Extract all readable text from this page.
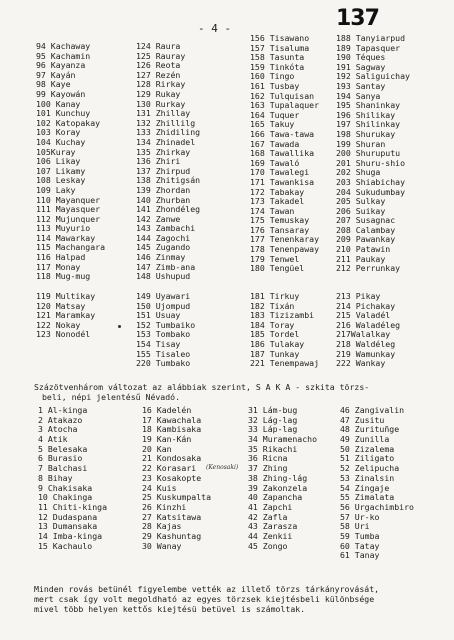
- 4 -	137
94 Kachaway
95 Kachamin
96 Kayanza
97 Kayán
98 Kaye
99 Kayowán
100 Kanay
101 Kunchuy
102 Katopakay
103 Koray
104 Kuchay
105Kuray
106 Likay
107 Likamy
108 Leskay
109 Laky
110 Mayanquer
111 Mayasquer
112 Mujunquer
113 Muyurio
114 Mawarkay
115 Machangara
116 Halpad
117 Monay
118 Mug-mug
119 Multikay
120 Matsay
121 Maramkay
122 Nokay
123 Nonodél
124 Raura
125 Rauray
126 Reota
127 Rezén
128 Rirkay
129 Rukay
130 Rurkay
131 Zhillay
132 Zhillilg
133 Zhidiling
134 Zhinadel
135 Zhirkay
136 Zhiri
137 Zhirpud
138 Zhitigsán
139 Zhordan
140 Zhurban
141 Zhondéleg
142 Zanwe
143 Zambachi
144 Zagochi
145 Zugando
146 Zinmay
147 Zimb-ana
148 Ushupud
149 Uyawari
150 Ujompud
151 Usuay
152 Tumbaiko
153 Tombako
154 Tisay
155 Tisaleo
220 Tumbako
156 Tisawano
157 Tisaluma
158 Tasunta
159 Tinkóta
160 Tingo
161 Tusbay
162 Tulquisan
163 Tupalaquer
164 Tuquer
165 Takuy
166 Tawa-tawa
167 Tawada
168 Tawallika
169 Tawaló
170 Tawalegi
171 Tawankisa
172 Tabakay
173 Takadel
174 Tawan
175 Temuskay
176 Tansaray
177 Tenenkaray
178 Tenenpaway
179 Tenwel
180 Tengüel
181 Tirkuy
182 Tixán
183 Tizizambi
184 Toray
185 Tordel
186 Tulakay
187 Tunkay
221 Tenempawaj
188 Tanyiarpud
189 Tapasquer
190 Téques
191 Sagway
192 Saliguichay
193 Santay
194 Sanya
195 Shaninkay
196 Shilikay
197 Shilinkay
198 Shurukay
199 Shuran
200 Shuruputu
201 Shuru-shio
202 Shuga
203 Shiabichay
204 Sukudumbay
205 Sulkay
206 Suikay
207 Susagnac
208 Calambay
209 Pawankay
210 Patawin
211 Paukay
212 Perrunkay
213 Pikay
214 Pichakay
215 Valadél
216 Waladéleg
217Walalkay
218 Waldéleg
219 Wamunkay
222 Wankay
Százötvenhárom változat az alábbiak szerint, S A K A - szkita törzs-
beli, népi jelentésű Névadó.
1 Al-kinga
2 Atakazo
3 Atocha
4 Atik
5 Belesaka
6 Burasio
7 Balchasi
8 Bihay
9 Chakisaka
10 Chakinga
11 Chiti-kinga
12 Dudaspana
13 Dumansaka
14 Imba-kinga
15 Kachaulo
16 Kadelén
17 Kawachala
18 Kambisaka
19 Kan-Kán
20 Kan
21 Kondosaka
22 Korasari (Kenosaki)
23 Kosakopte
24 Kuis
25 Kuskumpalta
26 Kinzhi
27 Katsitawa
28 Kajas
29 Kashuntag
30 Wanay
31 Lám-bug
32 Lág-lag
33 Láp-lag
34 Muramenacho
35 Rikachi
36 Ricna
37 Zhing
38 Zhing-lág
39 Zakonzela
40 Zapancha
41 Zapchi
42 Zafla
43 Zarasza
44 Zenkii
45 Zongo
46 Zangivalin
47 Zusitu
48 Zurituñge
49 Zunilla
50 Zizalema
51 Ziligato
52 Zelipucha
53 Zinalsin
54 Zingaje
55 Zimalata
56 Urgachimbiro
57 Ur-ko
58 Uri
59 Tumba
60 Tatay
61 Tanay
Minden rovás betünél figyelembe vették az illető törzs tárkányrovását,
mert csak így volt megoldható az egyes törzsek kiejtésbeli különbsége
mivel több helyen kettős kiejtésü betüvel is számoltak.
